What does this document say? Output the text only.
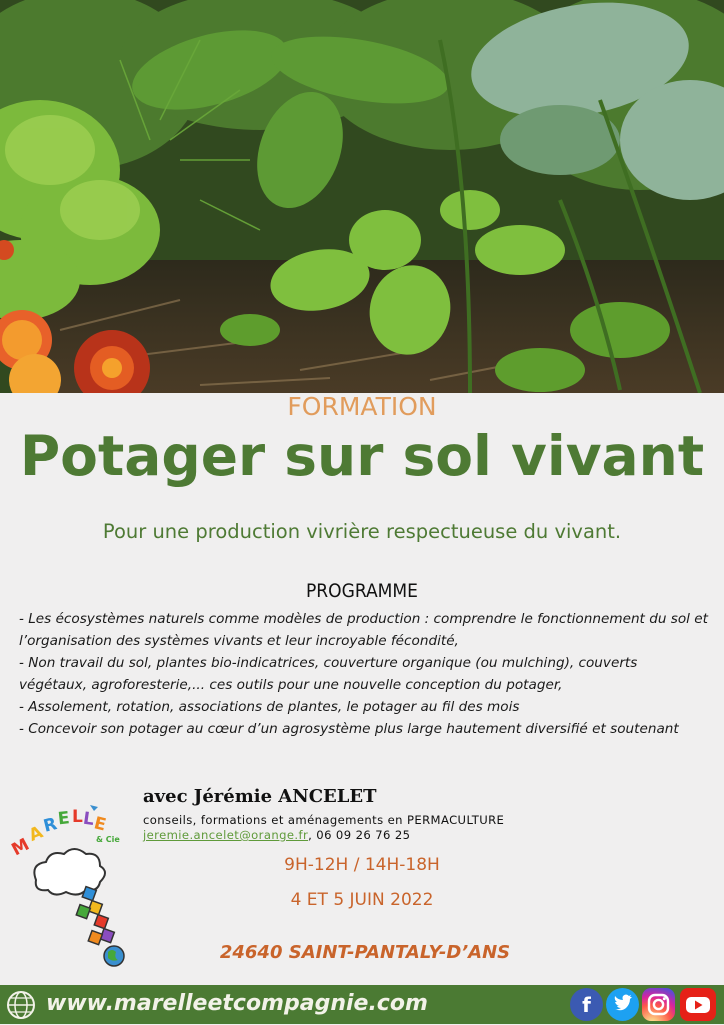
FORMATION
Potager sur sol vivant
Pour une production vivrière respectueuse du vivant.
PROGRAMME
- Les écosystèmes naturels comme modèles de production : comprendre le fonctionnement du sol et l’organisation des systèmes vivants et leur incroyable fécondité,
- Non travail du sol, plantes bio-indicatrices, couverture organique (ou mulching), couverts végétaux, agroforesterie,... ces outils pour une nouvelle conception du potager,
- Assolement, rotation, associations de plantes, le potager au fil des mois
- Concevoir son potager au cœur d’un agrosystème plus large hautement diversifié et soutenant
M
A
R
E L
L
E
& Cie
avec Jérémie ANCELET
conseils, formations et aménagements en PERMACULTURE
jeremie.ancelet@orange.fr, 06 09 26 76 25
9H-12H / 14H-18H
4 ET 5 JUIN 2022
24640 SAINT-PANTALY-D’ANS
www.marelleetcompagnie.com	f
